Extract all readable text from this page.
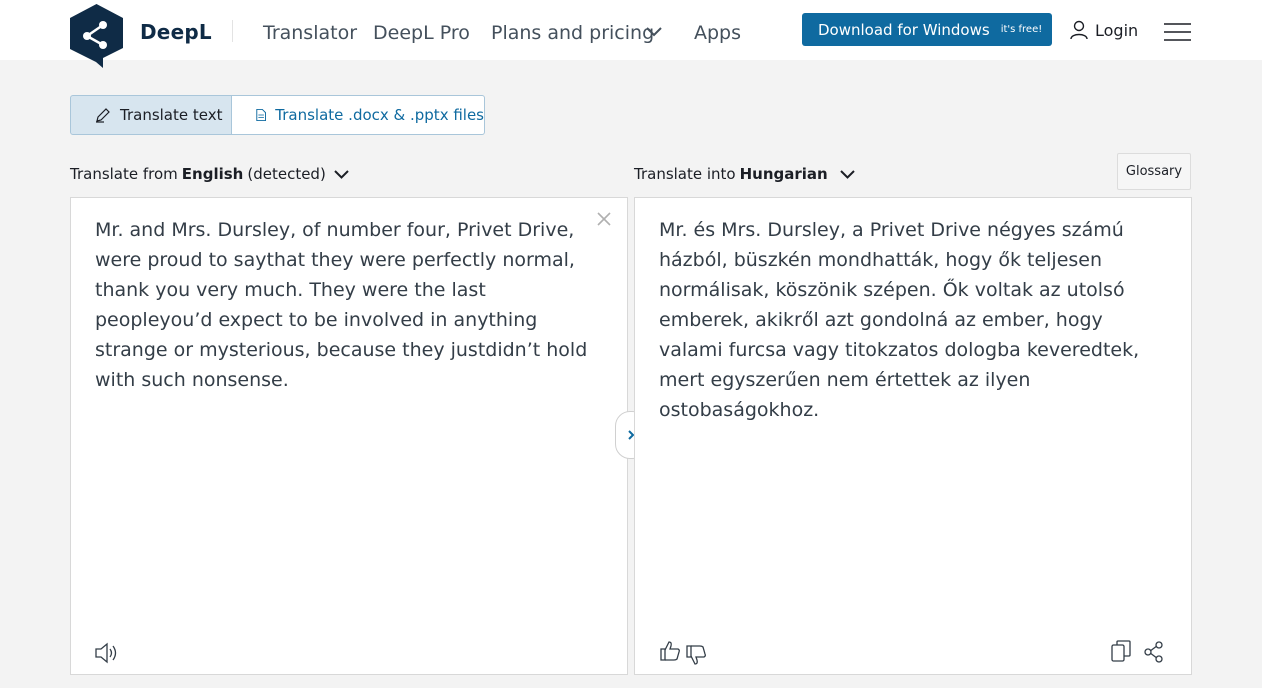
DeepL	Translator DeepL Pro Plans and pricing Apps	Download for Windows it's free!	Login
Translate text	Translate .docx & .pptx files
Translate from English (detected)	Translate into Hungarian	Glossary
Mr. and Mrs. Dursley, of number four, Privet Drive, were proud to saythat they were perfectly normal, thank you very much. They were the last peopleyou’d expect to be involved in anything strange or mysterious, because they justdidn’t hold with such nonsense.
Mr. és Mrs. Dursley, a Privet Drive négyes számú házból, büszkén mondhatták, hogy ők teljesen normálisak, köszönik szépen. Ők voltak az utolsó emberek, akikről azt gondolná az ember, hogy valami furcsa vagy titokzatos dologba keveredtek, mert egyszerűen nem értettek az ilyen ostobaságokhoz.
